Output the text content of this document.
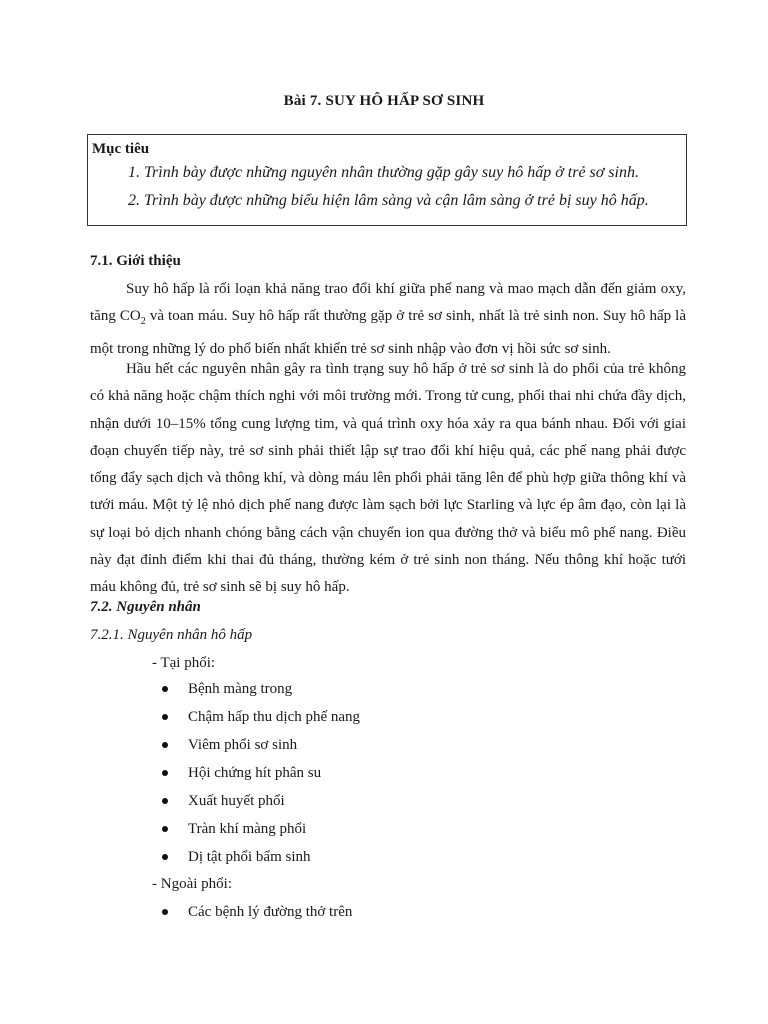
Bài 7. SUY HÔ HẤP SƠ SINH
Mục tiêu
1. Trình bày được những nguyên nhân thường gặp gây suy hô hấp ở trẻ sơ sinh.
2. Trình bày được những biểu hiện lâm sàng và cận lâm sàng ở trẻ bị suy hô hấp.
7.1. Giới thiệu
Suy hô hấp là rối loạn khả năng trao đổi khí giữa phế nang và mao mạch dẫn đến giảm oxy, tăng $CO_2$ và toan máu. Suy hô hấp rất thường gặp ở trẻ sơ sinh, nhất là trẻ sinh non. Suy hô hấp là một trong những lý do phổ biến nhất khiến trẻ sơ sinh nhập vào đơn vị hồi sức sơ sinh.
Hầu hết các nguyên nhân gây ra tình trạng suy hô hấp ở trẻ sơ sinh là do phổi của trẻ không có khả năng hoặc chậm thích nghi với môi trường mới. Trong tử cung, phổi thai nhi chứa đầy dịch, nhận dưới 10–15% tổng cung lượng tim, và quá trình oxy hóa xảy ra qua bánh nhau. Đối với giai đoạn chuyển tiếp này, trẻ sơ sinh phải thiết lập sự trao đổi khí hiệu quả, các phế nang phải được tống đẩy sạch dịch và thông khí, và dòng máu lên phổi phải tăng lên để phù hợp giữa thông khí và tưới máu. Một tỷ lệ nhỏ dịch phế nang được làm sạch bởi lực Starling và lực ép âm đạo, còn lại là sự loại bỏ dịch nhanh chóng bằng cách vận chuyển ion qua đường thở và biểu mô phế nang. Điều này đạt đỉnh điểm khi thai đủ tháng, thường kém ở trẻ sinh non tháng. Nếu thông khí hoặc tưới máu không đủ, trẻ sơ sinh sẽ bị suy hô hấp.
7.2. Nguyên nhân
7.2.1. Nguyên nhân hô hấp
- Tại phổi:
Bệnh màng trong
Chậm hấp thu dịch phế nang
Viêm phổi sơ sinh
Hội chứng hít phân su
Xuất huyết phổi
Tràn khí màng phổi
Dị tật phổi bẩm sinh
- Ngoài phổi:
Các bệnh lý đường thở trên
